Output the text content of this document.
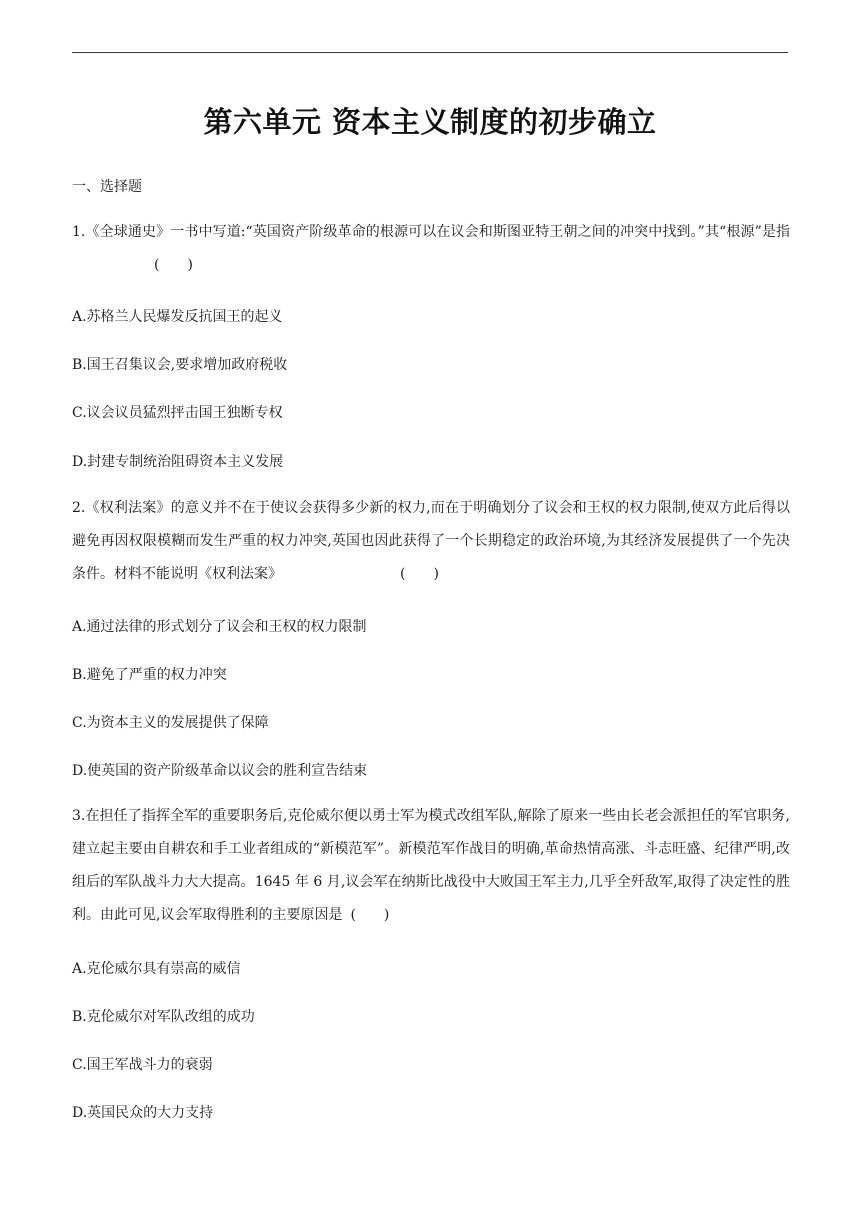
第六单元 资本主义制度的初步确立

一、选择题

1.《全球通史》一书中写道:“英国资产阶级革命的根源可以在议会和斯图亚特王朝之间的冲突中找到。”其“根源”是指(　　)

A.苏格兰人民爆发反抗国王的起义

B.国王召集议会,要求增加政府税收

C.议会议员猛烈抨击国王独断专权

D.封建专制统治阻碍资本主义发展

2.《权利法案》的意义并不在于使议会获得多少新的权力,而在于明确划分了议会和王权的权力限制,使双方此后得以避免再因权限模糊而发生严重的权力冲突,英国也因此获得了一个长期稳定的政治环境,为其经济发展提供了一个先决条件。材料不能说明《权利法案》	(　　)

A.通过法律的形式划分了议会和王权的权力限制

B.避免了严重的权力冲突

C.为资本主义的发展提供了保障

D.使英国的资产阶级革命以议会的胜利宣告结束

3.在担任了指挥全军的重要职务后,克伦威尔便以勇士军为模式改组军队,解除了原来一些由长老会派担任的军官职务,建立起主要由自耕农和手工业者组成的“新模范军”。新模范军作战目的明确,革命热情高涨、斗志旺盛、纪律严明,改组后的军队战斗力大大提高。1645 年 6 月,议会军在纳斯比战役中大败国王军主力,几乎全歼敌军,取得了决定性的胜利。由此可见,议会军取得胜利的主要原因是 (　　)

A.克伦威尔具有崇高的威信

B.克伦威尔对军队改组的成功

C.国王军战斗力的衰弱

D.英国民众的大力支持
